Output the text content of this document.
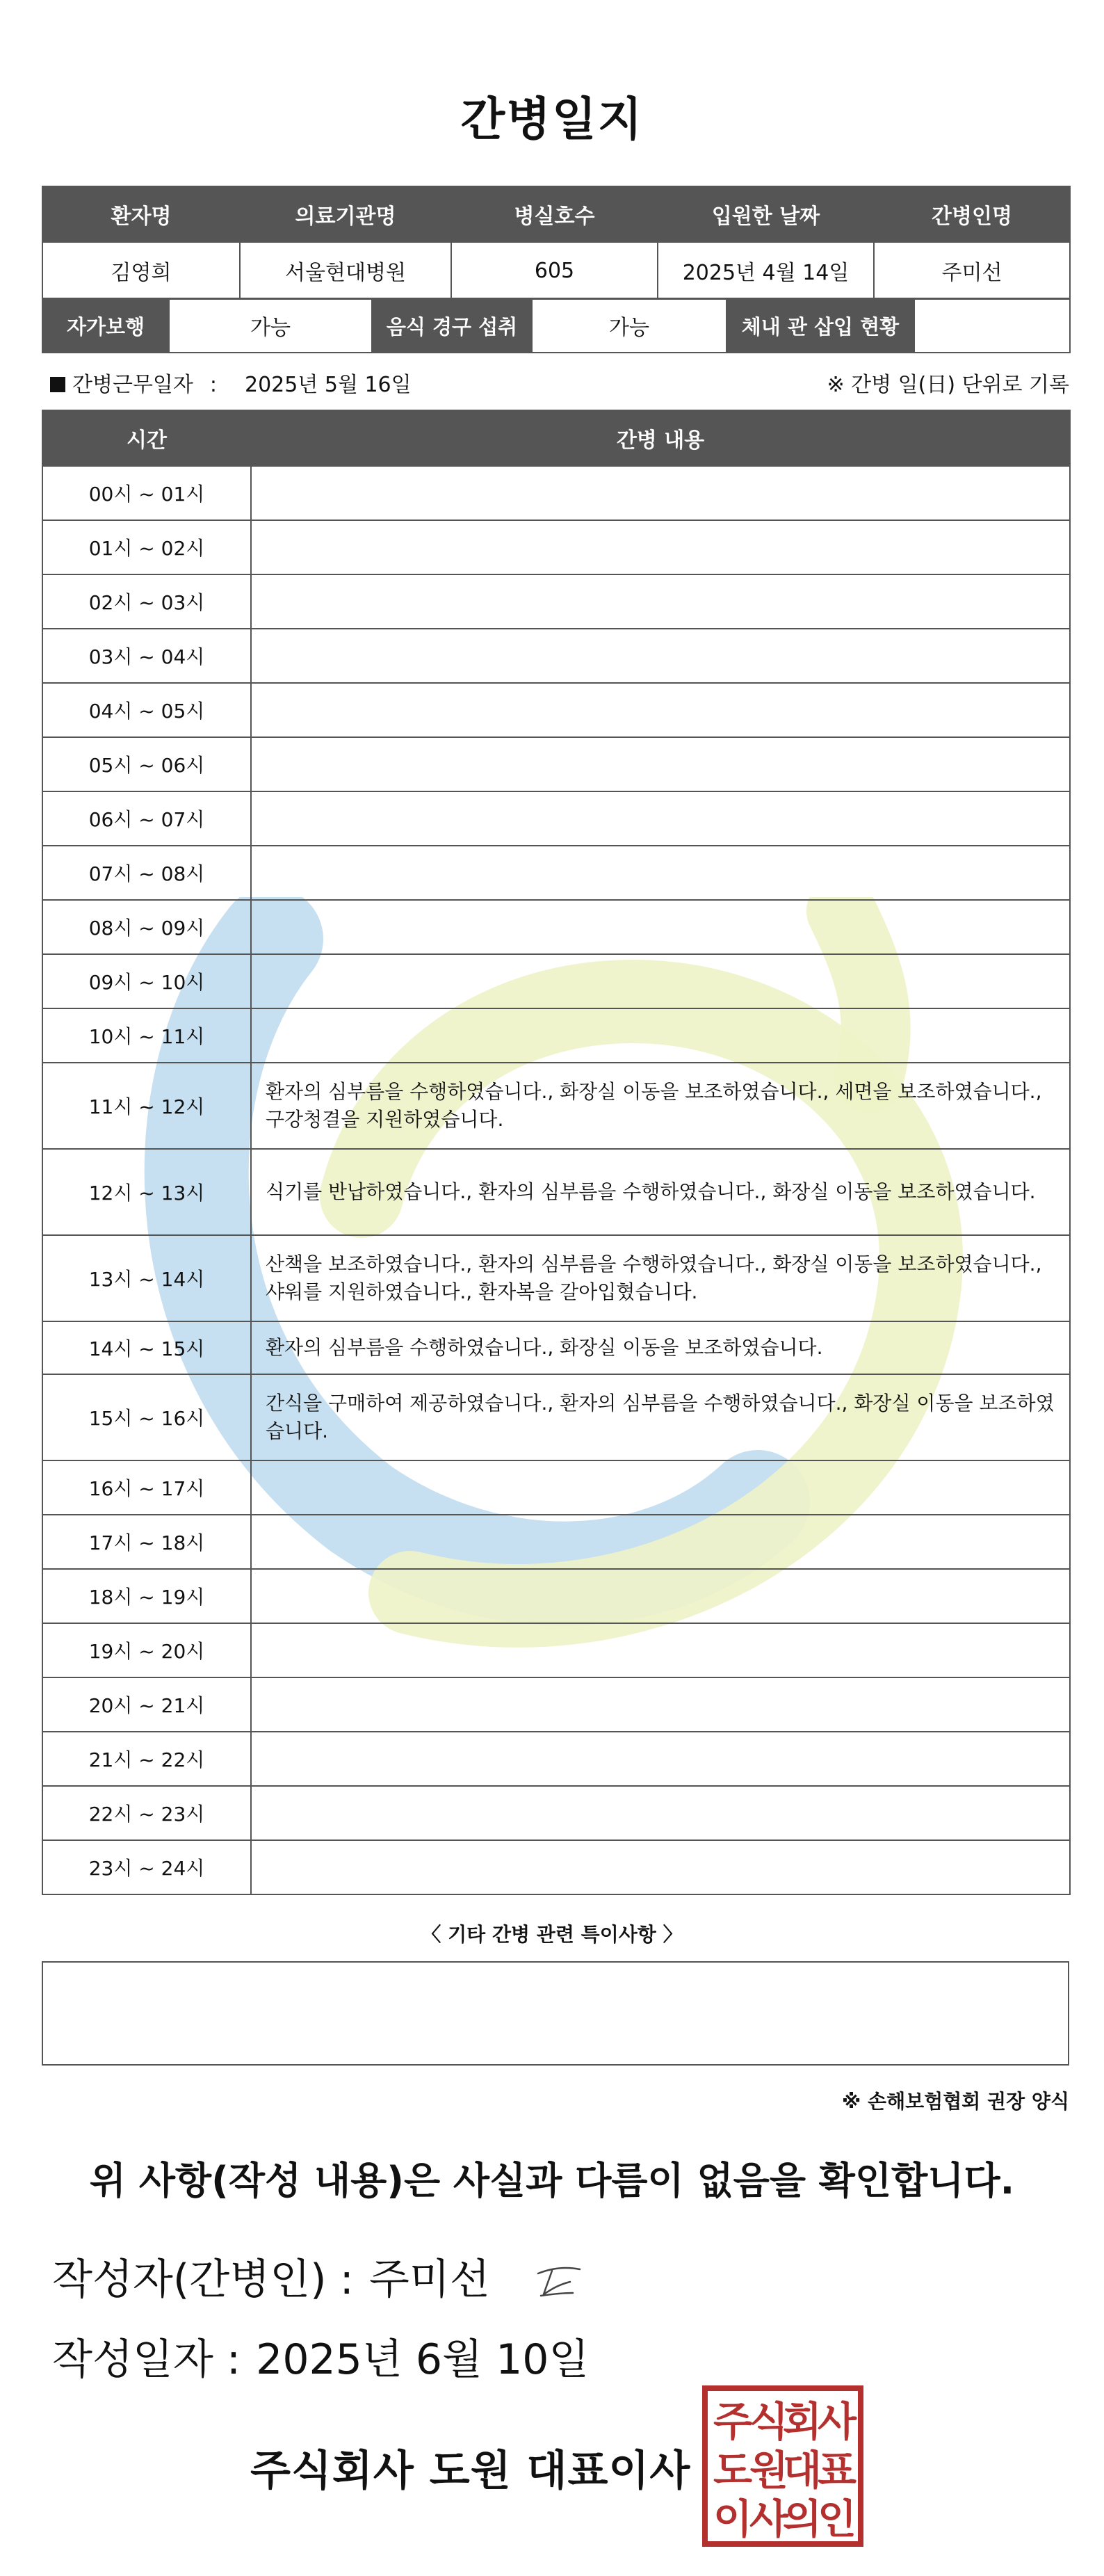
간병일지
환자명	의료기관명	병실호수	입원한 날짜	간병인명
김영희	서울현대병원	605	2025년 4월 14일	주미선
자가보행	가능	음식 경구 섭취	가능	체내 관 삽입 현황	
간병근무일자 : 2025년 5월 16일	※ 간병 일(日) 단위로 기록
시간	간병 내용
00시 ~ 01시	
01시 ~ 02시	
02시 ~ 03시	
03시 ~ 04시	
04시 ~ 05시	
05시 ~ 06시	
06시 ~ 07시	
07시 ~ 08시	
08시 ~ 09시	
09시 ~ 10시	
10시 ~ 11시	
11시 ~ 12시	환자의 심부름을 수행하였습니다., 화장실 이동을 보조하였습니다., 세면을 보조하였습니다., 구강청결을 지원하였습니다.
12시 ~ 13시	식기를 반납하였습니다., 환자의 심부름을 수행하였습니다., 화장실 이동을 보조하였습니다.
13시 ~ 14시	산책을 보조하였습니다., 환자의 심부름을 수행하였습니다., 화장실 이동을 보조하였습니다., 샤워를 지원하였습니다., 환자복을 갈아입혔습니다.
14시 ~ 15시	환자의 심부름을 수행하였습니다., 화장실 이동을 보조하였습니다.
15시 ~ 16시	간식을 구매하여 제공하였습니다., 환자의 심부름을 수행하였습니다., 화장실 이동을 보조하였습니다.
16시 ~ 17시	
17시 ~ 18시	
18시 ~ 19시	
19시 ~ 20시	
20시 ~ 21시	
21시 ~ 22시	
22시 ~ 23시	
23시 ~ 24시	
〈 기타 간병 관련 특이사항 〉
※ 손해보험협회 권장 양식
위 사항(작성 내용)은 사실과 다름이 없음을 확인합니다.
작성자(간병인) : 주미선
작성일자 : 2025년 6월 10일
주식회사 도원 대표이사
주
식
회
사
도
원
대
표
이
사
의
인
